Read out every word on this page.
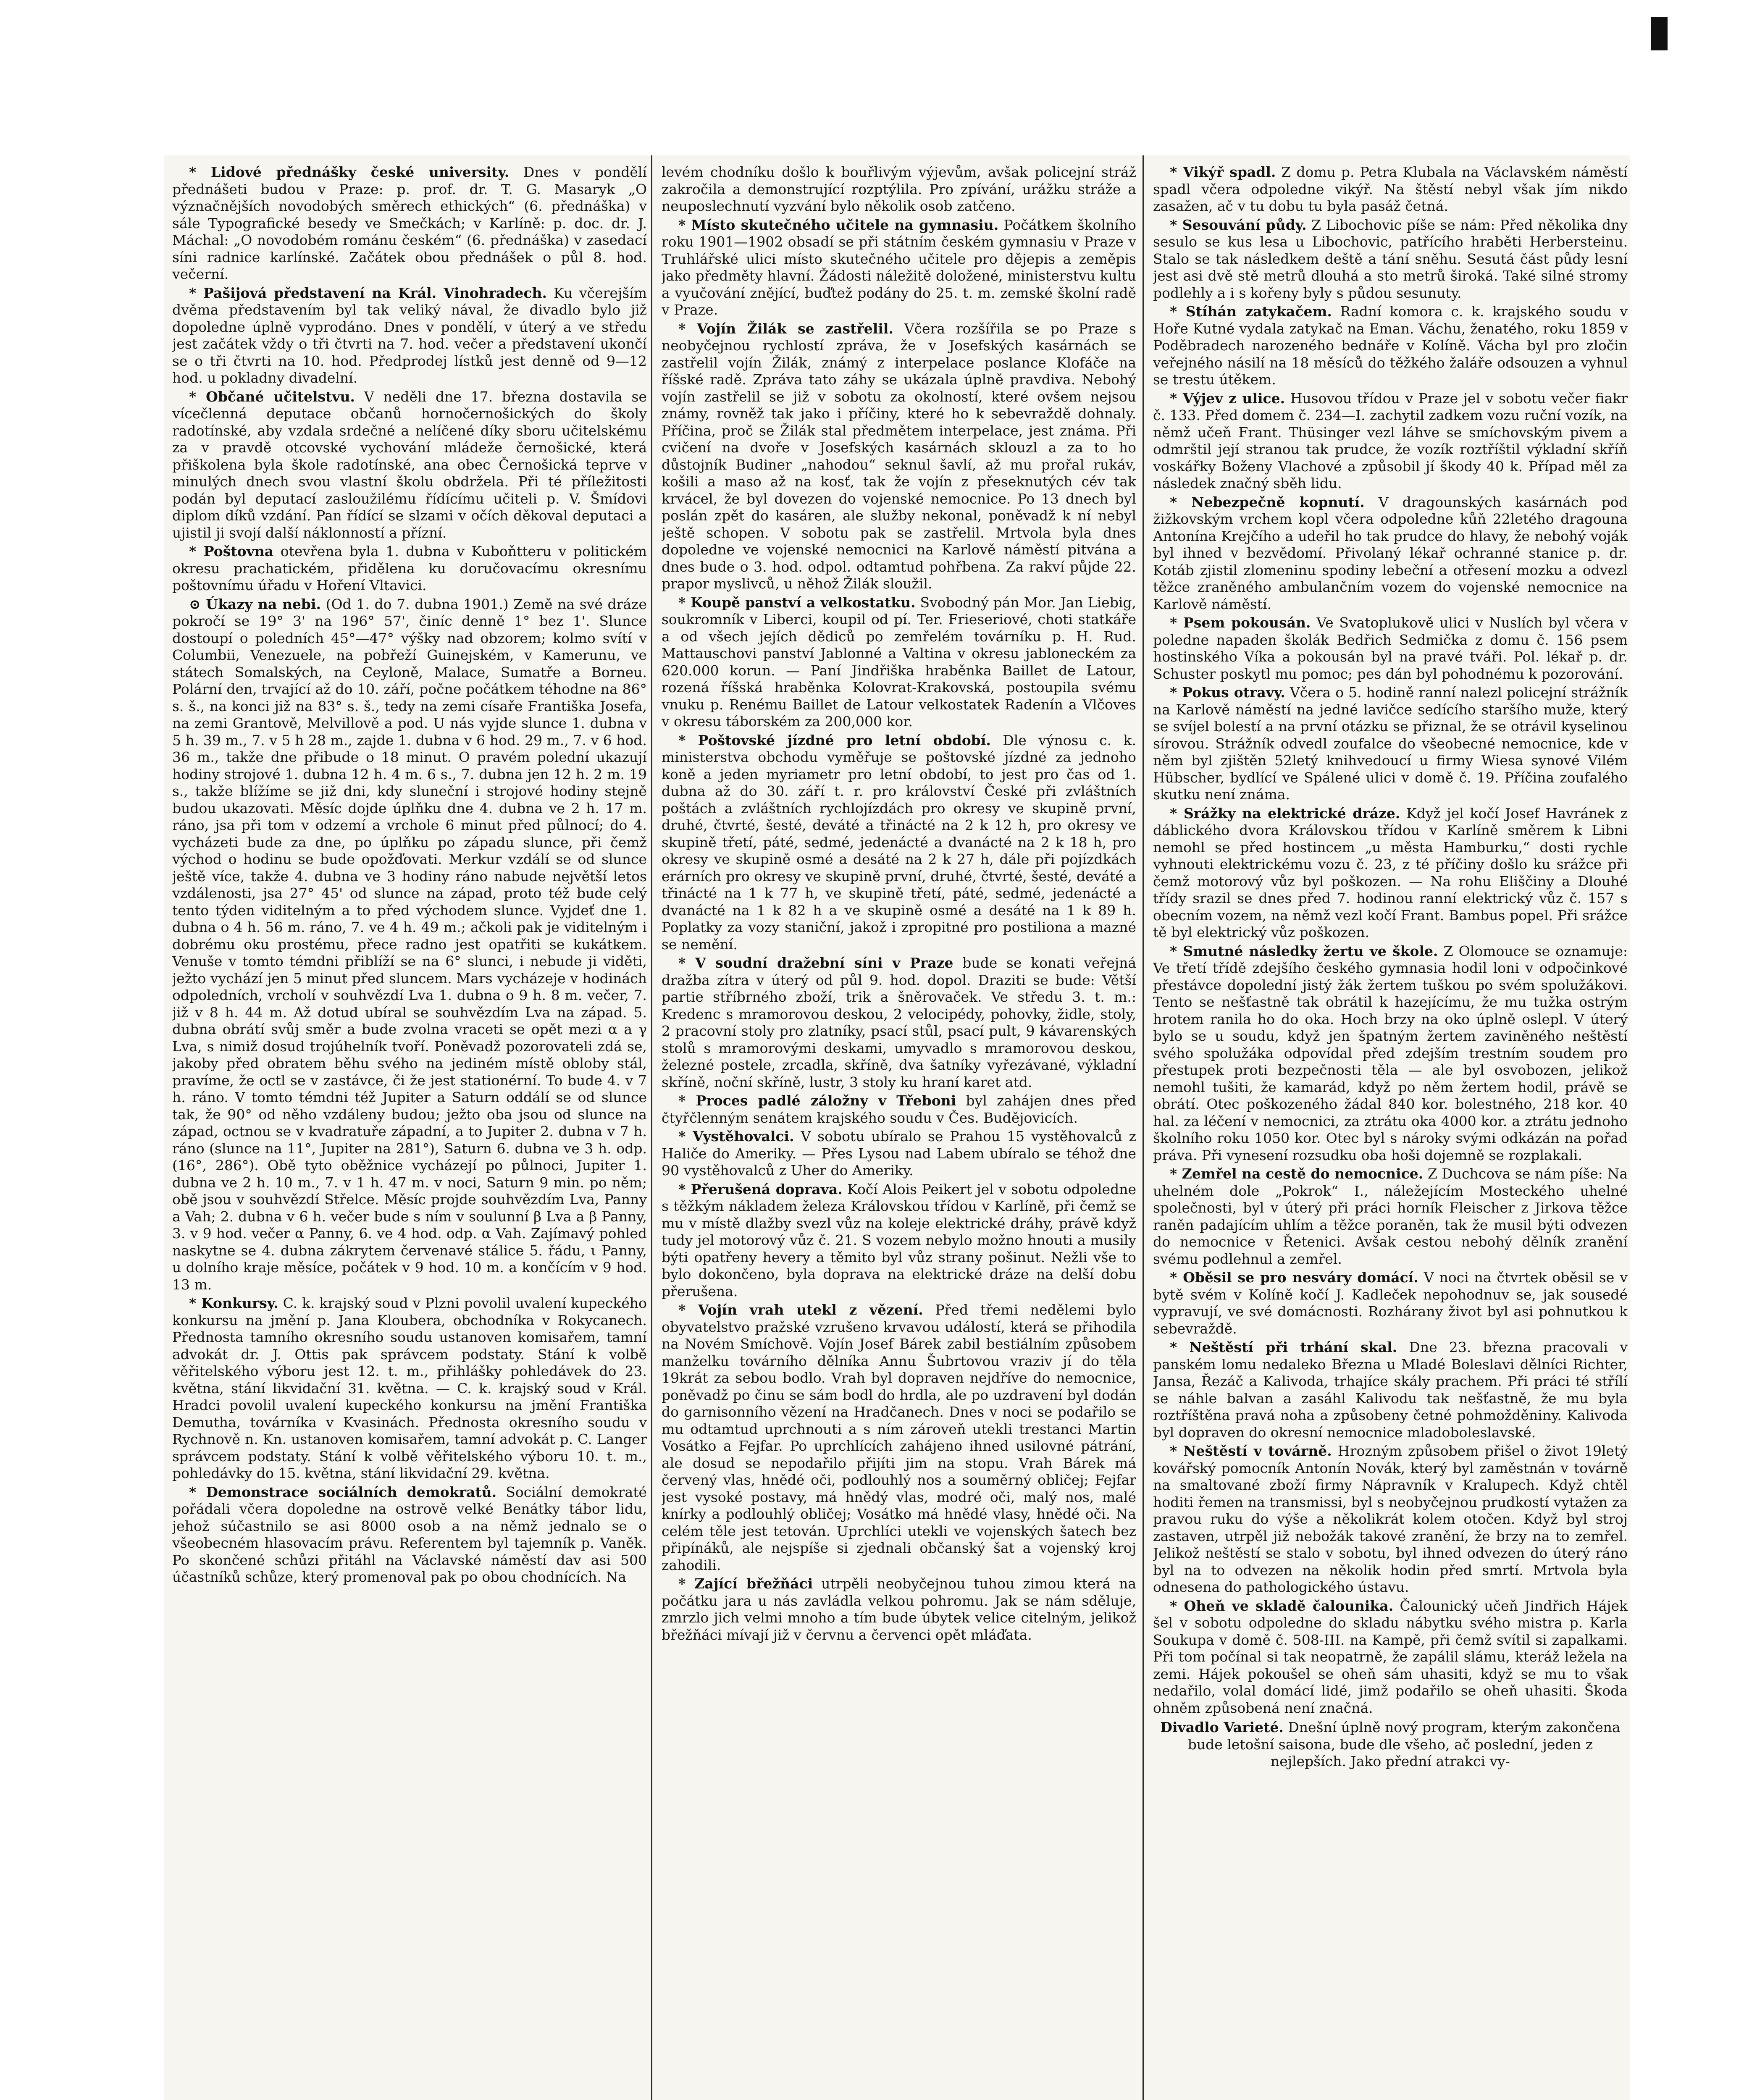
* Lidové přednášky české university. Dnes v pondělí přednášeti budou v Praze: p. prof. dr. T. G. Masaryk „O význačnějších novodobých směrech ethických“ (6. přednáška) v sále Typografické besedy ve Smečkách; v Karlíně: p. doc. dr. J. Máchal: „O novodobém románu českém“ (6. přednáška) v zasedací síni radnice karlínské. Začátek obou přednášek o půl 8. hod. večerní.

* Pašijová představení na Král. Vinohradech. Ku včerejším dvěma představením byl tak veliký nával, že divadlo bylo již dopoledne úplně vyprodáno. Dnes v pondělí, v úterý a ve středu jest začátek vždy o tři čtvrti na 7. hod. večer a představení ukončí se o tři čtvrti na 10. hod. Předprodej lístků jest denně od 9—12 hod. u pokladny divadelní.

* Občané učitelstvu. V neděli dne 17. března dostavila se vícečlenná deputace občanů hornočernošických do školy radotínské, aby vzdala srdečné a nelíčené díky sboru učitelskému za v pravdě otcovské vychování mládeže černošické, která přiškolena byla škole radotínské, ana obec Černošická teprve v minulých dnech svou vlastní školu obdržela. Při té příležitosti podán byl deputací zasloužilému řídícímu učiteli p. V. Šmídovi diplom díků vzdání. Pan řídící se slzami v očích děkoval deputaci a ujistil ji svojí další náklonností a přízní.

* Poštovna otevřena byla 1. dubna v Kuboňtteru v politickém okresu prachatickém, přidělena ku doručovacímu okresnímu poštovnímu úřadu v Hoření Vltavici.

⊙ Úkazy na nebi. (Od 1. do 7. dubna 1901.) Země na své dráze pokročí se 19° 3' na 196° 57', činíc denně 1° bez 1'. Slunce dostoupí o poledních 45°—47° výšky nad obzorem; kolmo svítí v Columbii, Venezuele, na pobřeží Guinejském, v Kamerunu, ve státech Somalských, na Ceyloně, Malace, Sumatře a Borneu. Polární den, trvající až do 10. září, počne počátkem téhodne na 86° s. š., na konci již na 83° s. š., tedy na zemi císaře Františka Josefa, na zemi Grantově, Melvillově a pod. U nás vyjde slunce 1. dubna v 5 h. 39 m., 7. v 5 h 28 m., zajde 1. dubna v 6 hod. 29 m., 7. v 6 hod. 36 m., takže dne přibude o 18 minut. O pravém polední ukazují hodiny strojové 1. dubna 12 h. 4 m. 6 s., 7. dubna jen 12 h. 2 m. 19 s., takže blížíme se již dni, kdy sluneční i strojové hodiny stejně budou ukazovati. Měsíc dojde úplňku dne 4. dubna ve 2 h. 17 m. ráno, jsa při tom v odzemí a vrchole 6 minut před půlnocí; do 4. vycházeti bude za dne, po úplňku po západu slunce, při čemž východ o hodinu se bude opožďovati. Merkur vzdálí se od slunce ještě více, takže 4. dubna ve 3 hodiny ráno nabude největší letos vzdálenosti, jsa 27° 45' od slunce na západ, proto též bude celý tento týden viditelným a to před východem slunce. Vyjdeť dne 1. dubna o 4 h. 56 m. ráno, 7. ve 4 h. 49 m.; ačkoli pak je viditelným i dobrému oku prostému, přece radno jest opatřiti se kukátkem. Venuše v tomto témdni přiblíží se na 6° slunci, i nebude ji viděti, ježto vychází jen 5 minut před sluncem. Mars vycházeje v hodinách odpoledních, vrcholí v souhvězdí Lva 1. dubna o 9 h. 8 m. večer, 7. již v 8 h. 44 m. Až dotud ubíral se souhvězdím Lva na západ. 5. dubna obrátí svůj směr a bude zvolna vraceti se opět mezi α a γ Lva, s nimiž dosud trojúhelník tvoří. Poněvadž pozorovateli zdá se, jakoby před obratem běhu svého na jediném místě obloby stál, pravíme, že octl se v zastávce, či že jest stationérní. To bude 4. v 7 h. ráno. V tomto témdni též Jupiter a Saturn oddálí se od slunce tak, že 90° od něho vzdáleny budou; ježto oba jsou od slunce na západ, octnou se v kvadratuře západní, a to Jupiter 2. dubna v 7 h. ráno (slunce na 11°, Jupiter na 281°), Saturn 6. dubna ve 3 h. odp. (16°, 286°). Obě tyto oběžnice vycházejí po půlnoci, Jupiter 1. dubna ve 2 h. 10 m., 7. v 1 h. 47 m. v noci, Saturn 9 min. po něm; obě jsou v souhvězdí Střelce. Měsíc projde souhvězdím Lva, Panny a Vah; 2. dubna v 6 h. večer bude s ním v soulunní β Lva a β Panny, 3. v 9 hod. večer α Panny, 6. ve 4 hod. odp. α Vah. Zajímavý pohled naskytne se 4. dubna zákrytem červenavé stálice 5. řádu, ι Panny, u dolního kraje měsíce, počátek v 9 hod. 10 m. a končícím v 9 hod. 13 m.

* Konkursy. C. k. krajský soud v Plzni povolil uvalení kupeckého konkursu na jmění p. Jana Kloubera, obchodníka v Rokycanech. Přednosta tamního okresního soudu ustanoven komisařem, tamní advokát dr. J. Ottis pak správcem podstaty. Stání k volbě věřitelského výboru jest 12. t. m., přihlášky pohledávek do 23. května, stání likvidační 31. května. — C. k. krajský soud v Král. Hradci povolil uvalení kupeckého konkursu na jmění Františka Demutha, továrníka v Kvasinách. Přednosta okresního soudu v Rychnově n. Kn. ustanoven komisařem, tamní advokát p. C. Langer správcem podstaty. Stání k volbě věřitelského výboru 10. t. m., pohledávky do 15. května, stání likvidační 29. května.

* Demonstrace sociálních demokratů. Sociální demokraté pořádali včera dopoledne na ostrově velké Benátky tábor lidu, jehož súčastnilo se asi 8000 osob a na němž jednalo se o všeobecném hlasovacím právu. Referentem byl tajemník p. Vaněk. Po skončené schůzi přitáhl na Václavské náměstí dav asi 500 účastníků schůze, který promenoval pak po obou chodnících. Na

levém chodníku došlo k bouřlivým výjevům, avšak policejní stráž zakročila a demonstrující rozptýlila. Pro zpívání, urážku stráže a neuposlechnutí vyzvání bylo několik osob zatčeno.

* Místo skutečného učitele na gymnasiu. Počátkem školního roku 1901—1902 obsadí se při státním českém gymnasiu v Praze v Truhlářské ulici místo skutečného učitele pro dějepis a zeměpis jako předměty hlavní. Žádosti náležitě doložené, ministerstvu kultu a vyučování znějící, buďtež podány do 25. t. m. zemské školní radě v Praze.

* Vojín Žilák se zastřelil. Včera rozšířila se po Praze s neobyčejnou rychlostí zpráva, že v Josefských kasárnách se zastřelil vojín Žilák, známý z interpelace poslance Klofáče na říšské radě. Zpráva tato záhy se ukázala úplně pravdiva. Nebohý vojín zastřelil se již v sobotu za okolností, které ovšem nejsou známy, rovněž tak jako i příčiny, které ho k sebevraždě dohnaly. Příčina, proč se Žilák stal předmětem interpelace, jest známa. Při cvičení na dvoře v Josefských kasárnách sklouzl a za to ho důstojník Budiner „nahodou“ seknul šavlí, až mu prořal rukáv, košili a maso až na kosť, tak že vojín z přeseknutých cév tak krvácel, že byl dovezen do vojenské nemocnice. Po 13 dnech byl poslán zpět do kasáren, ale služby nekonal, poněvadž k ní nebyl ještě schopen. V sobotu pak se zastřelil. Mrtvola byla dnes dopoledne ve vojenské nemocnici na Karlově náměstí pitvána a dnes bude o 3. hod. odpol. odtamtud pohřbena. Za rakví půjde 22. prapor myslivců, u něhož Žilák sloužil.

* Koupě panství a velkostatku. Svobodný pán Mor. Jan Liebig, soukromník v Liberci, koupil od pí. Ter. Frieseriové, choti statkáře a od všech jejích dědiců po zemřelém továrníku p. H. Rud. Mattauschovi panství Jablonné a Valtina v okresu jabloneckém za 620.000 korun. — Paní Jindřiška hraběnka Baillet de Latour, rozená říšská hraběnka Kolovrat-Krakovská, postoupila svému vnuku p. Renému Baillet de Latour velkostatek Radenín a Vlčoves v okresu táborském za 200,000 kor.

* Poštovské jízdné pro letní období. Dle výnosu c. k. ministerstva obchodu vyměřuje se poštovské jízdné za jednoho koně a jeden myriametr pro letní období, to jest pro čas od 1. dubna až do 30. září t. r. pro království České při zvláštních poštách a zvláštních rychlojízdách pro okresy ve skupině první, druhé, čtvrté, šesté, deváté a třinácté na 2 k 12 h, pro okresy ve skupině třetí, páté, sedmé, jedenácté a dvanácté na 2 k 18 h, pro okresy ve skupině osmé a desáté na 2 k 27 h, dále při pojízdkách erárních pro okresy ve skupině první, druhé, čtvrté, šesté, deváté a třinácté na 1 k 77 h, ve skupině třetí, páté, sedmé, jedenácté a dvanácté na 1 k 82 h a ve skupině osmé a desáté na 1 k 89 h. Poplatky za vozy staniční, jakož i zpropitné pro postiliona a mazné se nemění.

* V soudní dražební síni v Praze bude se konati veřejná dražba zítra v úterý od půl 9. hod. dopol. Draziti se bude: Větší partie stříbrného zboží, trik a šněrovaček. Ve středu 3. t. m.: Kredenc s mramorovou deskou, 2 velocipédy, pohovky, židle, stoly, 2 pracovní stoly pro zlatníky, psací stůl, psací pult, 9 kávarenských stolů s mramorovými deskami, umyvadlo s mramorovou deskou, železné postele, zrcadla, skříně, dva šatníky vyřezávané, výkladní skříně, noční skříně, lustr, 3 stoly ku hraní karet atd.

* Proces padlé záložny v Třeboni byl zahájen dnes před čtyřčlenným senátem krajského soudu v Čes. Budějovicích.

* Vystěhovalci. V sobotu ubíralo se Prahou 15 vystěhovalců z Haliče do Ameriky. — Přes Lysou nad Labem ubíralo se téhož dne 90 vystěhovalců z Uher do Ameriky.

* Přerušená doprava. Kočí Alois Peikert jel v sobotu odpoledne s těžkým nákladem železa Královskou třídou v Karlíně, při čemž se mu v místě dlažby svezl vůz na koleje elektrické dráhy, právě když tudy jel motorový vůz č. 21. S vozem nebylo možno hnouti a musily býti opatřeny hevery a těmito byl vůz strany pošinut. Nežli vše to bylo dokončeno, byla doprava na elektrické dráze na delší dobu přerušena.

* Vojín vrah utekl z vězení. Před třemi nedělemi bylo obyvatelstvo pražské vzrušeno krvavou událostí, která se přihodila na Novém Smíchově. Vojín Josef Bárek zabil bestiálním způsobem manželku továrního dělníka Annu Šubrtovou vraziv jí do těla 19krát za sebou bodlo. Vrah byl dopraven nejdříve do nemocnice, poněvadž po činu se sám bodl do hrdla, ale po uzdravení byl dodán do garnisonního vězení na Hradčanech. Dnes v noci se podařilo se mu odtamtud uprchnouti a s ním zároveň utekli trestanci Martin Vosátko a Fejfar. Po uprchlících zahájeno ihned usilovné pátrání, ale dosud se nepodařilo přijíti jim na stopu. Vrah Bárek má červený vlas, hnědé oči, podlouhlý nos a souměrný obličej; Fejfar jest vysoké postavy, má hnědý vlas, modré oči, malý nos, malé knírky a podlouhlý obličej; Vosátko má hnědé vlasy, hnědé oči. Na celém těle jest tetován. Uprchlíci utekli ve vojenských šatech bez připínáků, ale nejspíše si zjednali občanský šat a vojenský kroj zahodili.

* Zající břežňáci utrpěli neobyčejnou tuhou zimou která na počátku jara u nás zavládla velkou pohromu. Jak se nám sděluje, zmrzlo jich velmi mnoho a tím bude úbytek velice citelným, jelikož břežňáci mívají již v červnu a červenci opět mláďata.

* Vikýř spadl. Z domu p. Petra Klubala na Václavském náměstí spadl včera odpoledne vikýř. Na štěstí nebyl však jím nikdo zasažen, ač v tu dobu tu byla pasáž četná.

* Sesouvání půdy. Z Libochovic píše se nám: Před několika dny sesulo se kus lesa u Libochovic, patřícího hraběti Herbersteinu. Stalo se tak následkem deště a tání sněhu. Sesutá část půdy lesní jest asi dvě stě metrů dlouhá a sto metrů široká. Také silné stromy podlehly a i s kořeny byly s půdou sesunuty.

* Stíhán zatykačem. Radní komora c. k. krajského soudu v Hoře Kutné vydala zatykač na Eman. Váchu, ženatého, roku 1859 v Poděbradech narozeného bednáře v Kolíně. Vácha byl pro zločin veřejného násilí na 18 měsíců do těžkého žaláře odsouzen a vyhnul se trestu útěkem.

* Výjev z ulice. Husovou třídou v Praze jel v sobotu večer fiakr č. 133. Před domem č. 234—I. zachytil zadkem vozu ruční vozík, na němž učeň Frant. Thüsinger vezl láhve se smíchovským pivem a odmrštil její stranou tak prudce, že vozík roztříštil výkladní skříň voskářky Boženy Vlachové a způsobil jí škody 40 k. Případ měl za následek značný sběh lidu.

* Nebezpečně kopnutí. V dragounských kasárnách pod žižkovským vrchem kopl včera odpoledne kůň 22letého dragouna Antonína Krejčího a udeřil ho tak prudce do hlavy, že nebohý voják byl ihned v bezvědomí. Přivolaný lékař ochranné stanice p. dr. Kotáb zjistil zlomeninu spodiny lebeční a otřesení mozku a odvezl těžce zraněného ambulančním vozem do vojenské nemocnice na Karlově náměstí.

* Psem pokousán. Ve Svatoplukově ulici v Nuslích byl včera v poledne napaden školák Bedřich Sedmička z domu č. 156 psem hostinského Víka a pokousán byl na pravé tváři. Pol. lékař p. dr. Schuster poskytl mu pomoc; pes dán byl pohodnému k pozorování.

* Pokus otravy. Včera o 5. hodině ranní nalezl policejní strážník na Karlově náměstí na jedné lavičce sedícího staršího muže, který se svíjel bolestí a na první otázku se přiznal, že se otrávil kyselinou sírovou. Strážník odvedl zoufalce do všeobecné nemocnice, kde v něm byl zjištěn 52letý knihvedoucí u firmy Wiesa synové Vilém Hübscher, bydlící ve Spálené ulici v domě č. 19. Příčina zoufalého skutku není známa.

* Srážky na elektrické dráze. Když jel kočí Josef Havránek z dáblického dvora Královskou třídou v Karlíně směrem k Libni nemohl se před hostincem „u města Hamburku,“ dosti rychle vyhnouti elektrickému vozu č. 23, z té příčiny došlo ku srážce při čemž motorový vůz byl poškozen. — Na rohu Eliščiny a Dlouhé třídy srazil se dnes před 7. hodinou ranní elektrický vůz č. 157 s obecním vozem, na němž vezl kočí Frant. Bambus popel. Při srážce tě byl elektrický vůz poškozen.

* Smutné následky žertu ve škole. Z Olomouce se oznamuje: Ve třetí třídě zdejšího českého gymnasia hodil loni v odpočinkové přestávce dopolední jistý žák žertem tuškou po svém spolužákovi. Tento se nešťastně tak obrátil k hazejícímu, že mu tužka ostrým hrotem ranila ho do oka. Hoch brzy na oko úplně oslepl. V úterý bylo se u soudu, když jen špatným žertem zaviněného neštěstí svého spolužáka odpovídal před zdejším trestním soudem pro přestupek proti bezpečnosti těla — ale byl osvobozen, jelikož nemohl tušiti, že kamarád, když po něm žertem hodil, právě se obrátí. Otec poškozeného žádal 840 kor. bolestného, 218 kor. 40 hal. za léčení v nemocnici, za ztrátu oka 4000 kor. a ztrátu jednoho školního roku 1050 kor. Otec byl s nároky svými odkázán na pořad práva. Při vynesení rozsudku oba hoši dojemně se rozplakali.

* Zemřel na cestě do nemocnice. Z Duchcova se nám píše: Na uhelném dole „Pokrok“ I., náležejícím Mosteckého uhelné společnosti, byl v úterý při práci horník Fleischer z Jirkova těžce raněn padajícím uhlím a těžce poraněn, tak že musil býti odvezen do nemocnice v Řetenici. Avšak cestou nebohý dělník zranění svému podlehnul a zemřel.

* Oběsil se pro nesváry domácí. V noci na čtvrtek oběsil se v bytě svém v Kolíně kočí J. Kadleček nepohodnuv se, jak sousedé vypravují, ve své domácnosti. Rozhárany život byl asi pohnutkou k sebevraždě.

* Neštěstí při trhání skal. Dne 23. března pracovali v panském lomu nedaleko Března u Mladé Boleslavi dělníci Richter, Jansa, Řezáč a Kalivoda, trhajíce skály prachem. Při práci té střílí se náhle balvan a zasáhl Kalivodu tak nešťastně, že mu byla roztříštěna pravá noha a způsobeny četné pohmožděniny. Kalivoda byl dopraven do okresní nemocnice mladoboleslavské.

* Neštěstí v továrně. Hrozným způsobem přišel o život 19letý kovářský pomocník Antonín Novák, který byl zaměstnán v továrně na smaltované zboží firmy Nápravník v Kralupech. Když chtěl hoditi řemen na transmissi, byl s neobyčejnou prudkostí vytažen za pravou ruku do výše a několikrát kolem otočen. Když byl stroj zastaven, utrpěl již nebožák takové zranění, že brzy na to zemřel. Jelikož neštěstí se stalo v sobotu, byl ihned odvezen do úterý ráno byl na to odvezen na několik hodin před smrtí. Mrtvola byla odnesena do pathologického ústavu.

* Oheň ve skladě čalounika. Čalounický učeň Jindřich Hájek šel v sobotu odpoledne do skladu nábytku svého mistra p. Karla Soukupa v domě č. 508-III. na Kampě, při čemž svítil si zapalkami. Při tom počínal si tak neopatrně, že zapálil slámu, kteráž ležela na zemi. Hájek pokoušel se oheň sám uhasiti, když se mu to však nedařilo, volal domácí lidé, jimž podařilo se oheň uhasiti. Škoda ohněm způsobená není značná.

Divadlo Varieté. Dnešní úplně nový program, kterým zakončena bude letošní saisona, bude dle všeho, ač poslední, jeden z nejlepších. Jako přední atrakci vy-
